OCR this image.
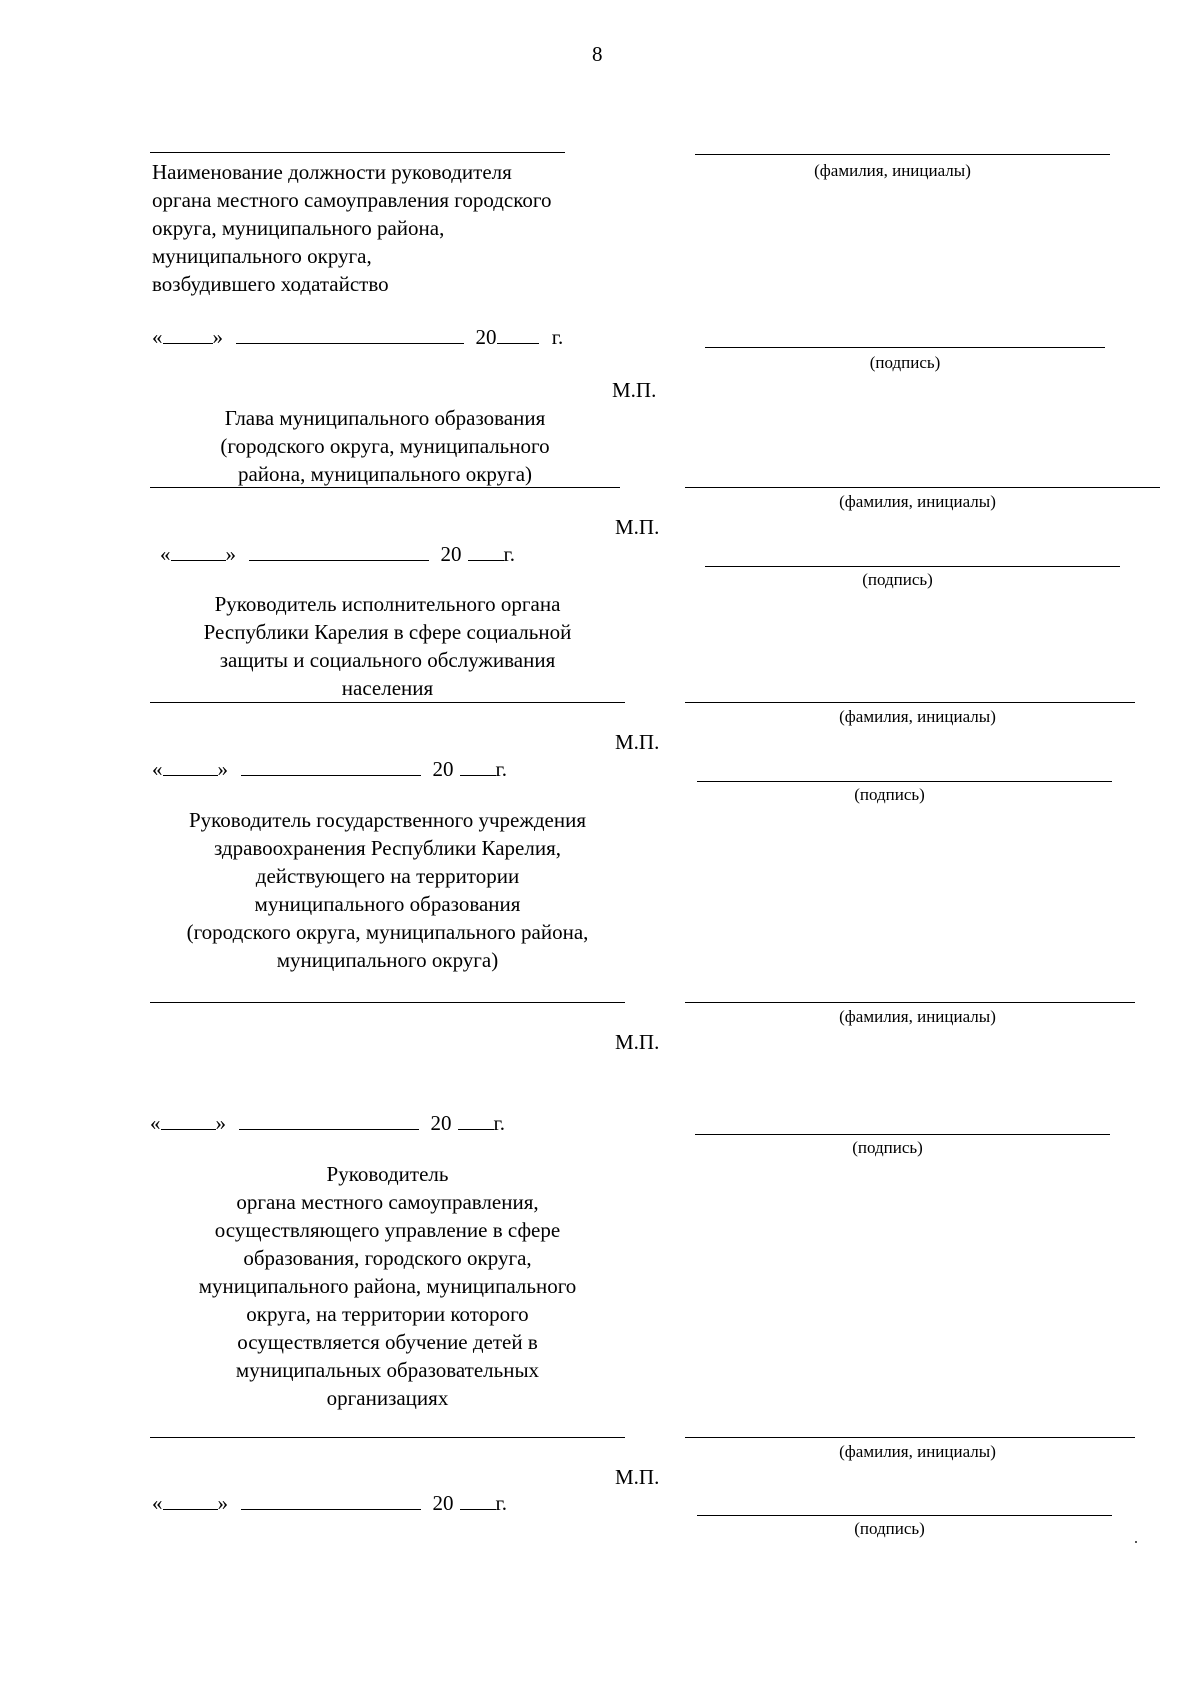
8
(фамилия, инициалы)
Наименование должности руководителя
органа местного самоуправления городского
округа, муниципального района,
муниципального округа,
возбудившего ходатайство
« »	20	г.
(подпись)
М.П.
Глава муниципального образования
(городского округа, муниципального
района, муниципального округа)
(фамилия, инициалы)
М.П.
«	»	20 г.
(подпись)
Руководитель исполнительного органа
Республики Карелия в сфере социальной
защиты и социального обслуживания
населения
(фамилия, инициалы)
М.П.
«	»	20 г.
(подпись)
Руководитель государственного учреждения
здравоохранения Республики Карелия,
действующего на территории
муниципального образования
(городского округа, муниципального района,
муниципального округа)
(фамилия, инициалы)
М.П.
«	»	20 г.
(подпись)
Руководитель
органа местного самоуправления,
осуществляющего управление в сфере
образования, городского округа,
муниципального района, муниципального
округа, на территории которого
осуществляется обучение детей в
муниципальных образовательных
организациях
(фамилия, инициалы)
М.П.
«	»	20 г.
(подпись)
